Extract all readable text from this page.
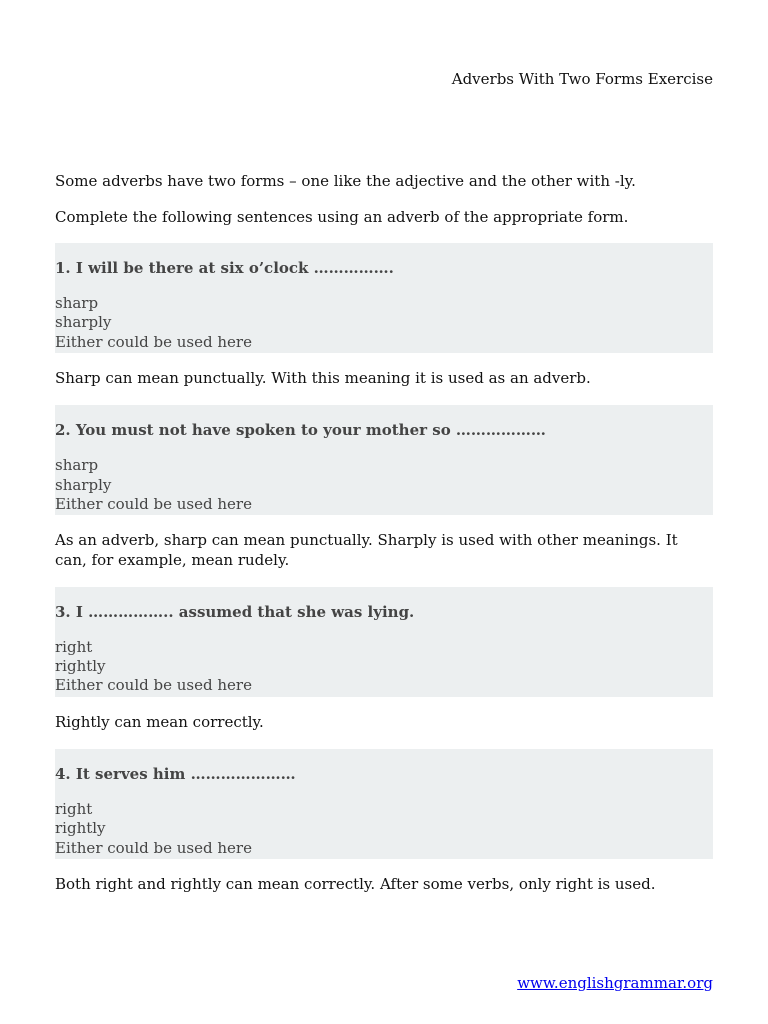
Adverbs With Two Forms Exercise

Some adverbs have two forms – one like the adjective and the other with -ly.

Complete the following sentences using an adverb of the appropriate form.

1. I will be there at six o’clock …………….
sharp
sharply
Either could be used here

Sharp can mean punctually. With this meaning it is used as an adverb.

2. You must not have spoken to your mother so ………………
sharp
sharply
Either could be used here

As an adverb, sharp can mean punctually. Sharply is used with other meanings. It can, for example, mean rudely.

3. I …………….. assumed that she was lying.
right
rightly
Either could be used here

Rightly can mean correctly.

4. It serves him …………………
right
rightly
Either could be used here

Both right and rightly can mean correctly. After some verbs, only right is used.

www.englishgrammar.org
